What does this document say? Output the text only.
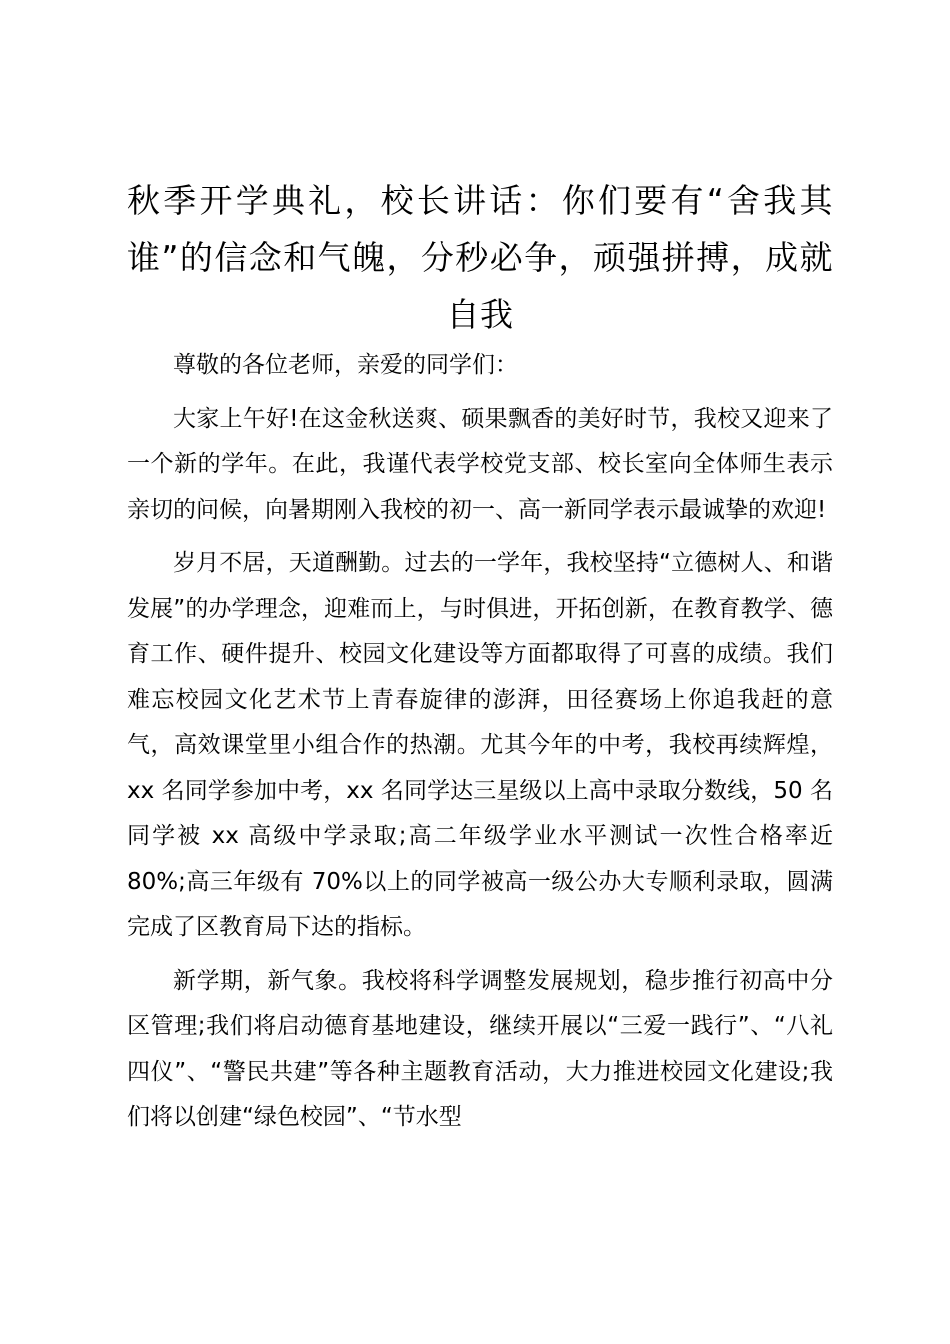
秋季开学典礼，校长讲话：你们要有“舍我其谁”的信念和气魄，分秒必争，顽强拼搏，成就自我

尊敬的各位老师，亲爱的同学们：

大家上午好!在这金秋送爽、硕果飘香的美好时节，我校又迎来了一个新的学年。在此，我谨代表学校党支部、校长室向全体师生表示亲切的问候，向暑期刚入我校的初一、高一新同学表示最诚挚的欢迎!

岁月不居，天道酬勤。过去的一学年，我校坚持“立德树人、和谐发展”的办学理念，迎难而上，与时俱进，开拓创新，在教育教学、德育工作、硬件提升、校园文化建设等方面都取得了可喜的成绩。我们难忘校园文化艺术节上青春旋律的澎湃，田径赛场上你追我赶的意气，高效课堂里小组合作的热潮。尤其今年的中考，我校再续辉煌，xx 名同学参加中考，xx 名同学达三星级以上高中录取分数线，50 名同学被 xx 高级中学录取;高二年级学业水平测试一次性合格率近 80%;高三年级有 70%以上的同学被高一级公办大专顺利录取，圆满完成了区教育局下达的指标。

新学期，新气象。我校将科学调整发展规划，稳步推行初高中分区管理;我们将启动德育基地建设，继续开展以“三爱一践行”、“八礼四仪”、“警民共建”等各种主题教育活动，大力推进校园文化建设;我们将以创建“绿色校园”、“节水型
